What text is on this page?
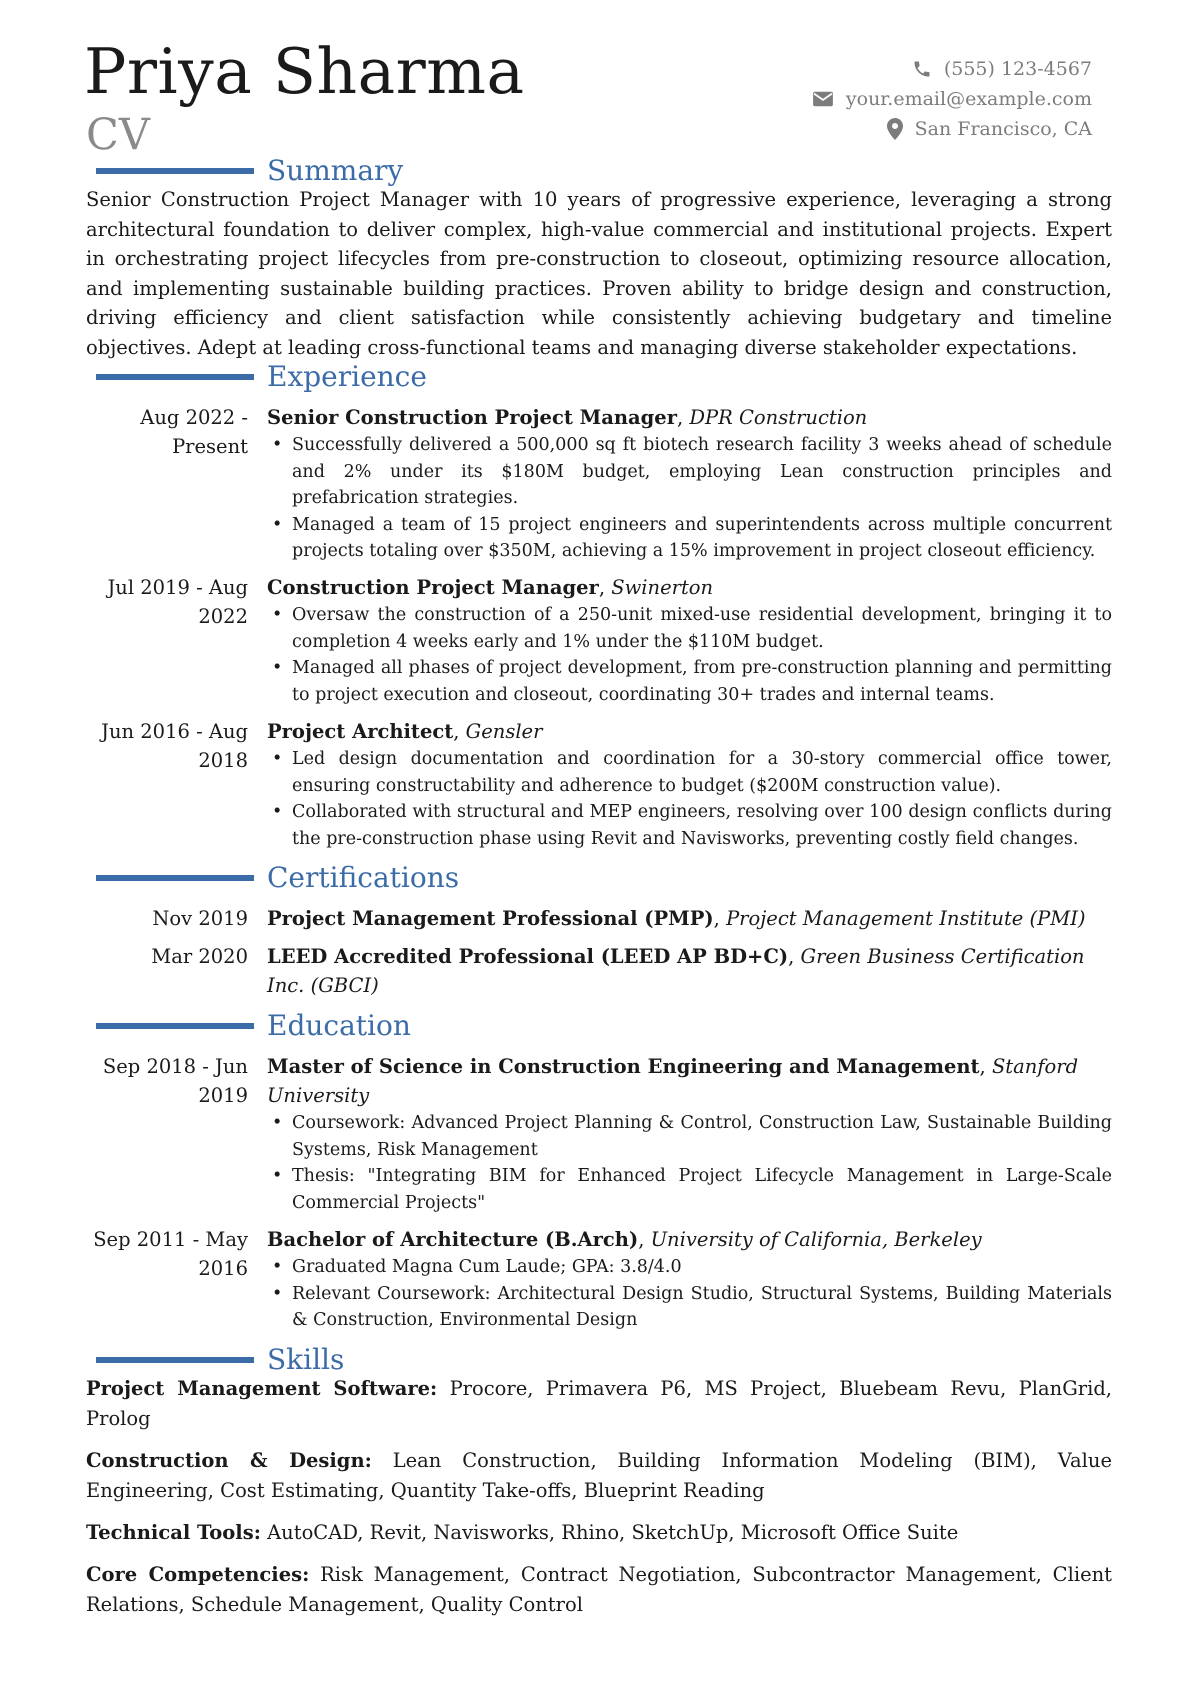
Priya Sharma
CV
(555) 123-4567
your.email@example.com
San Francisco, CA
Summary

Senior Construction Project Manager with 10 years of progressive experience, leveraging a strong architectural foundation to deliver complex, high-value commercial and institutional projects. Expert in orchestrating project lifecycles from pre-construction to closeout, optimizing resource allocation, and implementing sustainable building practices. Proven ability to bridge design and construction, driving efficiency and client satisfaction while consistently achieving budgetary and timeline objectives. Adept at leading cross-functional teams and managing diverse stakeholder expectations.

Experience
Aug 2022 -
Present
Senior Construction Project Manager, DPR Construction
• Successfully delivered a 500,000 sq ft biotech research facility 3 weeks ahead of schedule and 2% under its $180M budget, employing Lean construction principles and prefabrication strategies.
• Managed a team of 15 project engineers and superintendents across multiple concurrent projects totaling over $350M, achieving a 15% improvement in project closeout efficiency.
Jul 2019 - Aug
2022
Construction Project Manager, Swinerton
• Oversaw the construction of a 250-unit mixed-use residential development, bringing it to completion 4 weeks early and 1% under the $110M budget.
• Managed all phases of project development, from pre-construction planning and permitting to project execution and closeout, coordinating 30+ trades and internal teams.
Jun 2016 - Aug
2018
Project Architect, Gensler
• Led design documentation and coordination for a 30-story commercial office tower, ensuring constructability and adherence to budget ($200M construction value).
• Collaborated with structural and MEP engineers, resolving over 100 design conflicts during the pre-construction phase using Revit and Navisworks, preventing costly field changes.
Certifications
Nov 2019 Project Management Professional (PMP), Project Management Institute (PMI)
Mar 2020 LEED Accredited Professional (LEED AP BD+C), Green Business Certification Inc. (GBCI)
Education
Sep 2018 - Jun
2019
Master of Science in Construction Engineering and Management, Stanford University
• Coursework: Advanced Project Planning & Control, Construction Law, Sustainable Building Systems, Risk Management
• Thesis: "Integrating BIM for Enhanced Project Lifecycle Management in Large-Scale Commercial Projects"
Sep 2011 - May
2016
Bachelor of Architecture (B.Arch), University of California, Berkeley
• Graduated Magna Cum Laude; GPA: 3.8/4.0
• Relevant Coursework: Architectural Design Studio, Structural Systems, Building Materials & Construction, Environmental Design
Skills

Project Management Software: Procore, Primavera P6, MS Project, Bluebeam Revu, PlanGrid, Prolog

Construction & Design: Lean Construction, Building Information Modeling (BIM), Value Engineering, Cost Estimating, Quantity Take-offs, Blueprint Reading

Technical Tools: AutoCAD, Revit, Navisworks, Rhino, SketchUp, Microsoft Office Suite

Core Competencies: Risk Management, Contract Negotiation, Subcontractor Management, Client Relations, Schedule Management, Quality Control
